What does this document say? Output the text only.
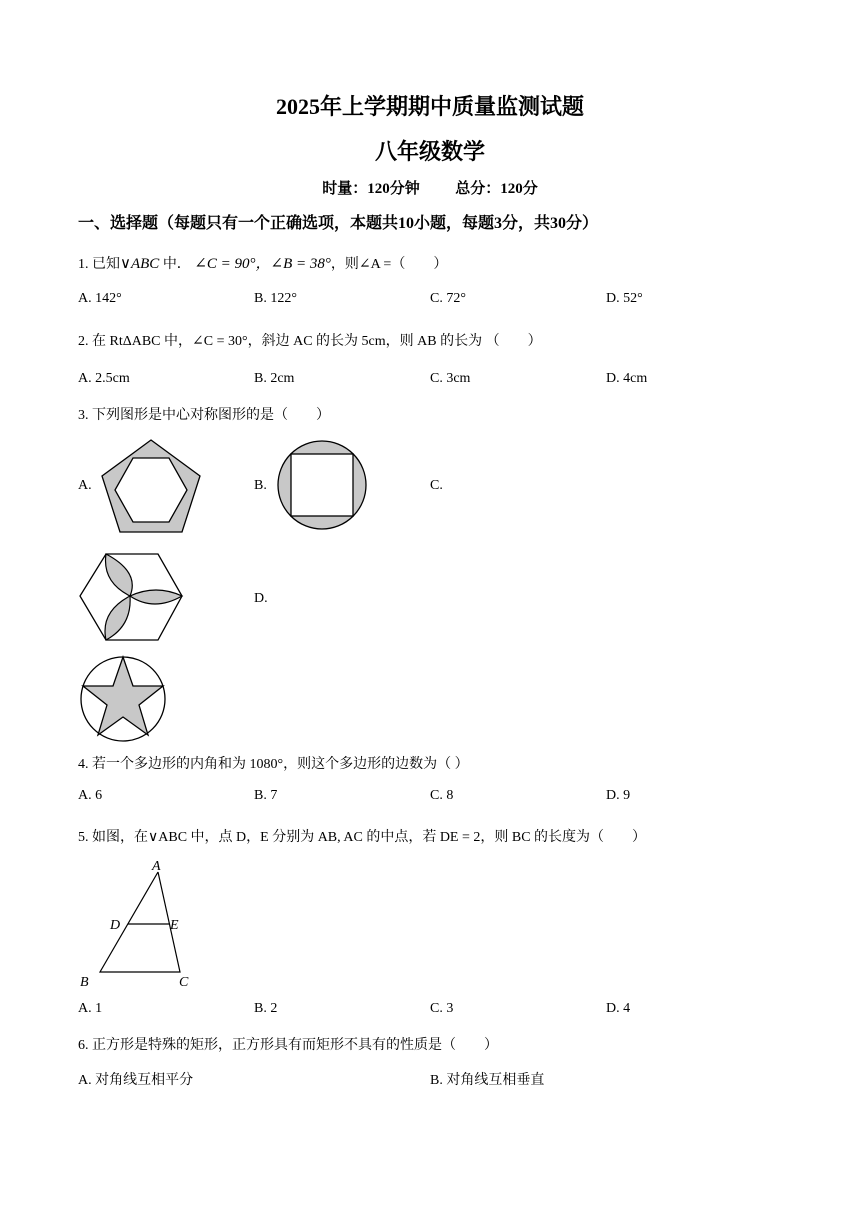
2025年上学期期中质量监测试题
八年级数学
时量：120分钟 总分：120分
一、选择题（每题只有一个正确选项，本题共10小题，每题3分，共30分）
1. 已知∨ABC 中． ∠C = 90°，∠B = 38°，则∠A =（　　）
A. 142°	B. 122°	C. 72°	D. 52°
2. 在 RtΔABC 中，∠C = 30°，斜边 AC 的长为 5cm，则 AB 的长为 （　　）
A. 2.5cm	B. 2cm	C. 3cm	D. 4cm
3. 下列图形是中心对称图形的是（　　）
A.	B.	C.
D.
4. 若一个多边形的内角和为 1080°，则这个多边形的边数为（ ）
A. 6	B. 7	C. 8	D. 9
5. 如图，在∨ABC 中，点 D，E 分别为 AB, AC 的中点，若 DE = 2，则 BC 的长度为（　　）
A
B	C
D	E
A. 1	B. 2	C. 3	D. 4
6. 正方形是特殊的矩形，正方形具有而矩形不具有的性质是（　　）
A. 对角线互相平分	B. 对角线互相垂直
